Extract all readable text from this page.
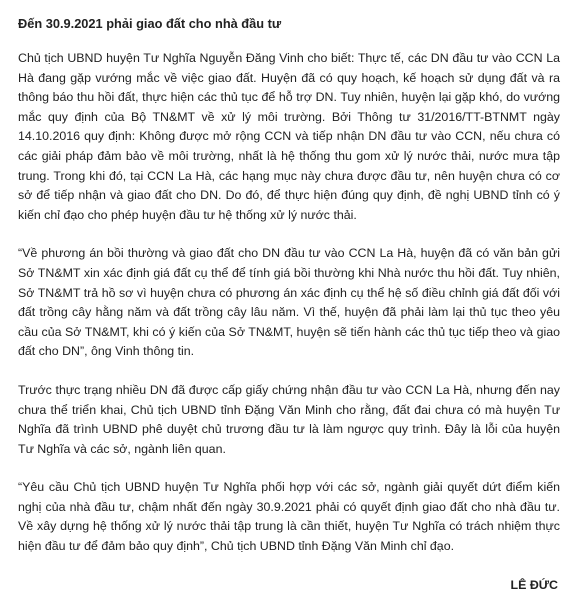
Đến 30.9.2021 phải giao đất cho nhà đầu tư

Chủ tịch UBND huyện Tư Nghĩa Nguyễn Đăng Vinh cho biết: Thực tế, các DN đầu tư vào CCN La Hà đang gặp vướng mắc về việc giao đất. Huyện đã có quy hoạch, kế hoạch sử dụng đất và ra thông báo thu hồi đất, thực hiện các thủ tục để hỗ trợ DN. Tuy nhiên, huyện lại gặp khó, do vướng mắc quy định của Bộ TN&MT về xử lý môi trường. Bởi Thông tư 31/2016/TT-BTNMT ngày 14.10.2016 quy định: Không được mở rộng CCN và tiếp nhận DN đầu tư vào CCN, nếu chưa có các giải pháp đảm bảo về môi trường, nhất là hệ thống thu gom xử lý nước thải, nước mưa tập trung. Trong khi đó, tại CCN La Hà, các hạng mục này chưa được đầu tư, nên huyện chưa có cơ sở để tiếp nhận và giao đất cho DN. Do đó, để thực hiện đúng quy định, đề nghị UBND tỉnh có ý kiến chỉ đạo cho phép huyện đầu tư hệ thống xử lý nước thải.

“Về phương án bồi thường và giao đất cho DN đầu tư vào CCN La Hà, huyện đã có văn bản gửi Sở TN&MT xin xác định giá đất cụ thể để tính giá bồi thường khi Nhà nước thu hồi đất. Tuy nhiên, Sở TN&MT trả hồ sơ vì huyện chưa có phương án xác định cụ thể hệ số điều chỉnh giá đất đối với đất trồng cây hằng năm và đất trồng cây lâu năm. Vì thế, huyện đã phải làm lại thủ tục theo yêu cầu của Sở TN&MT, khi có ý kiến của Sở TN&MT, huyện sẽ tiến hành các thủ tục tiếp theo và giao đất cho DN”, ông Vinh thông tin.

Trước thực trạng nhiều DN đã được cấp giấy chứng nhận đầu tư vào CCN La Hà, nhưng đến nay chưa thể triển khai, Chủ tịch UBND tỉnh Đặng Văn Minh cho rằng, đất đai chưa có mà huyện Tư Nghĩa đã trình UBND phê duyệt chủ trương đầu tư là làm ngược quy trình. Đây là lỗi của huyện Tư Nghĩa và các sở, ngành liên quan.

“Yêu cầu Chủ tịch UBND huyện Tư Nghĩa phối hợp với các sở, ngành giải quyết dứt điểm kiến nghị của nhà đầu tư, chậm nhất đến ngày 30.9.2021 phải có quyết định giao đất cho nhà đầu tư. Về xây dựng hệ thống xử lý nước thải tập trung là cần thiết, huyện Tư Nghĩa có trách nhiệm thực hiện đầu tư để đảm bảo quy định”, Chủ tịch UBND tỉnh Đặng Văn Minh chỉ đạo.

LÊ ĐỨC
